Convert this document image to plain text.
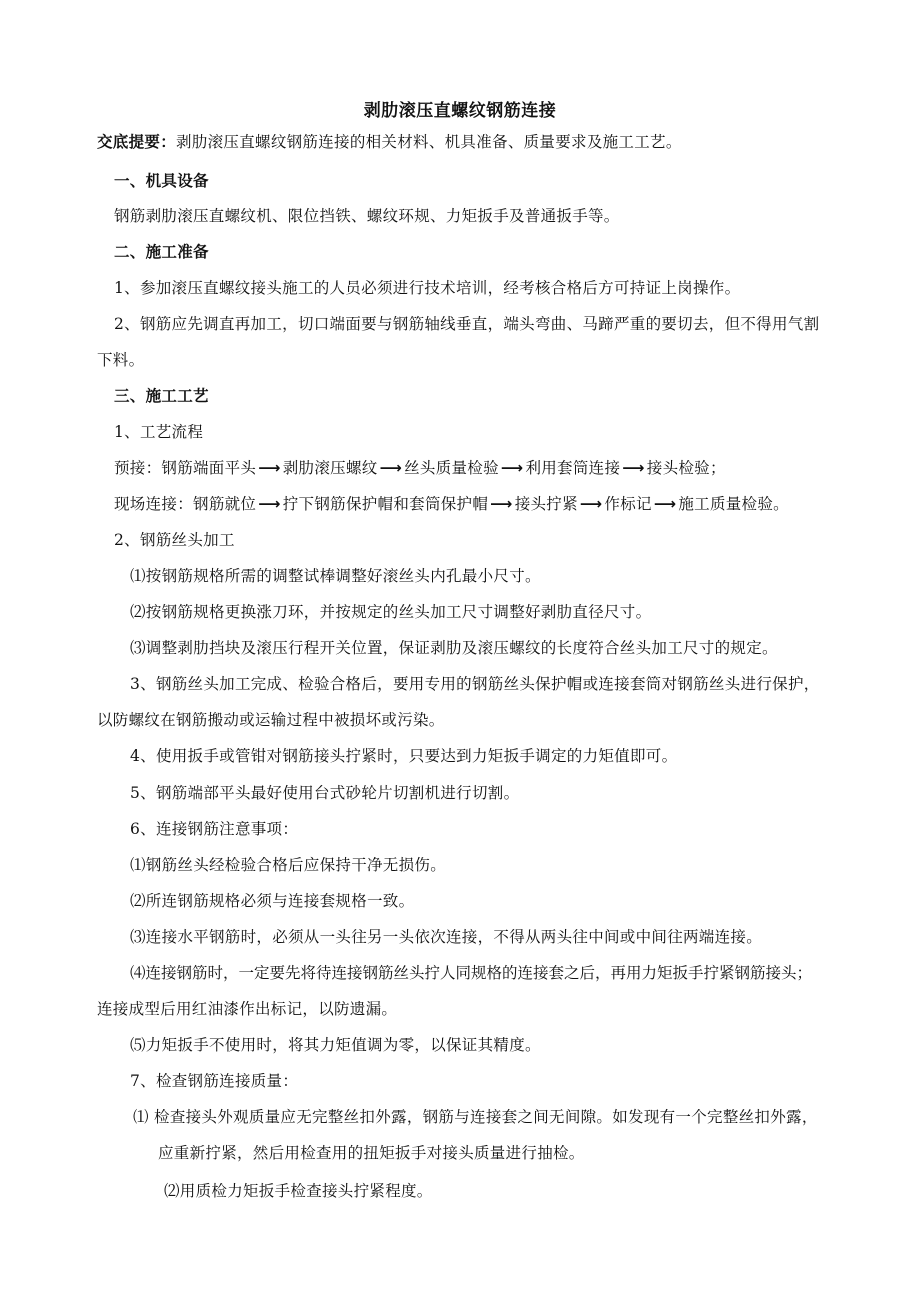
剥肋滚压直螺纹钢筋连接
交底提要：剥肋滚压直螺纹钢筋连接的相关材料、机具准备、质量要求及施工工艺。
一、机具设备
钢筋剥肋滚压直螺纹机、限位挡铁、螺纹环规、力矩扳手及普通扳手等。
二、施工准备
1、参加滚压直螺纹接头施工的人员必须进行技术培训，经考核合格后方可持证上岗操作。
2、钢筋应先调直再加工，切口端面要与钢筋轴线垂直，端头弯曲、马蹄严重的要切去，但不得用气割
下料。
三、施工工艺
1、工艺流程
预接：钢筋端面平头 ⟶ 剥肋滚压螺纹 ⟶ 丝头质量检验 ⟶ 利用套筒连接 ⟶ 接头检验；
现场连接：钢筋就位 ⟶ 拧下钢筋保护帽和套筒保护帽 ⟶ 接头拧紧 ⟶ 作标记 ⟶ 施工质量检验。
2、钢筋丝头加工
⑴按钢筋规格所需的调整试棒调整好滚丝头内孔最小尺寸。
⑵按钢筋规格更换涨刀环，并按规定的丝头加工尺寸调整好剥肋直径尺寸。
⑶调整剥肋挡块及滚压行程开关位置，保证剥肋及滚压螺纹的长度符合丝头加工尺寸的规定。
3、钢筋丝头加工完成、检验合格后，要用专用的钢筋丝头保护帽或连接套筒对钢筋丝头进行保护，
以防螺纹在钢筋搬动或运输过程中被损坏或污染。
4、使用扳手或管钳对钢筋接头拧紧时，只要达到力矩扳手调定的力矩值即可。
5、钢筋端部平头最好使用台式砂轮片切割机进行切割。
6、连接钢筋注意事项：
⑴钢筋丝头经检验合格后应保持干净无损伤。
⑵所连钢筋规格必须与连接套规格一致。
⑶连接水平钢筋时，必须从一头往另一头依次连接，不得从两头往中间或中间往两端连接。
⑷连接钢筋时，一定要先将待连接钢筋丝头拧人同规格的连接套之后，再用力矩扳手拧紧钢筋接头；
连接成型后用红油漆作出标记，以防遗漏。
⑸力矩扳手不使用时，将其力矩值调为零，以保证其精度。
7、检查钢筋连接质量：
⑴ 检查接头外观质量应无完整丝扣外露，钢筋与连接套之间无间隙。如发现有一个完整丝扣外露，
应重新拧紧，然后用检查用的扭矩扳手对接头质量进行抽检。
⑵用质检力矩扳手检查接头拧紧程度。
